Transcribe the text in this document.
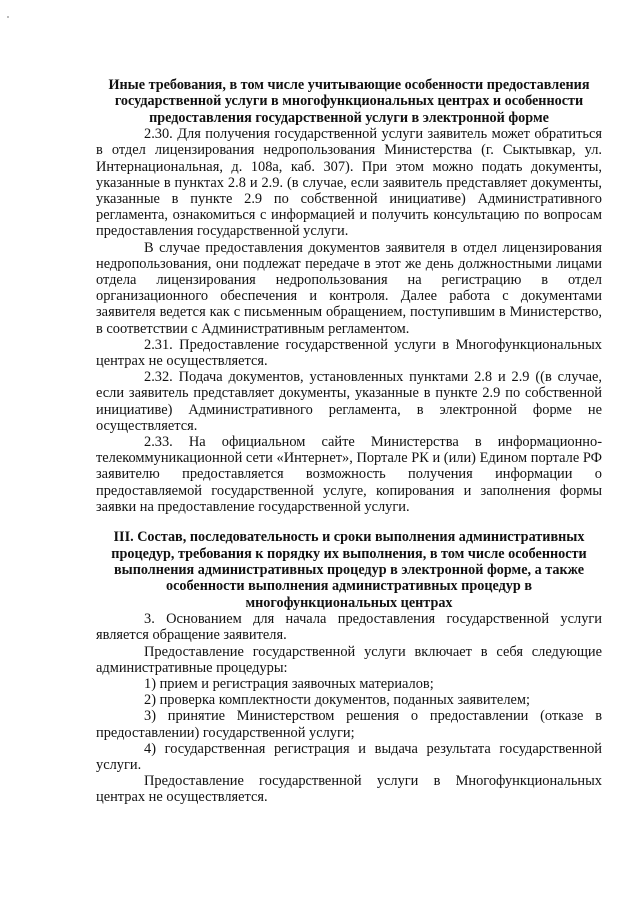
Иные требования, в том числе учитывающие особенности предоставления государственной услуги в многофункциональных центрах и особенности предоставления государственной услуги в электронной форме

2.30. Для получения государственной услуги заявитель может обратиться в отдел лицензирования недропользования Министерства (г. Сыктывкар, ул. Интернациональная, д. 108а, каб. 307). При этом можно подать документы, указанные в пунктах 2.8 и 2.9. (в случае, если заявитель представляет документы, указанные в пункте 2.9 по собственной инициативе) Административного регламента, ознакомиться с информацией и получить консультацию по вопросам предоставления государственной услуги.

В случае предоставления документов заявителя в отдел лицензирования недропользования, они подлежат передаче в этот же день должностными лицами отдела лицензирования недропользования на регистрацию в отдел организационного обеспечения и контроля. Далее работа с документами заявителя ведется как с письменным обращением, поступившим в Министерство, в соответствии с Административным регламентом.

2.31. Предоставление государственной услуги в Многофункциональных центрах не осуществляется.

2.32. Подача документов, установленных пунктами 2.8 и 2.9 ((в случае, если заявитель представляет документы, указанные в пункте 2.9 по собственной инициативе) Административного регламента, в электронной форме не осуществляется.

2.33. На официальном сайте Министерства в информационно-телекоммуникационной сети «Интернет», Портале РК и (или) Едином портале РФ заявителю предоставляется возможность получения информации о предоставляемой государственной услуге, копирования и заполнения формы заявки на предоставление государственной услуги.

III. Состав, последовательность и сроки выполнения административных процедур, требования к порядку их выполнения, в том числе особенности выполнения административных процедур в электронной форме, а также особенности выполнения административных процедур в многофункциональных центрах

3. Основанием для начала предоставления государственной услуги является обращение заявителя.

Предоставление государственной услуги включает в себя следующие административные процедуры:

1) прием и регистрация заявочных материалов;

2) проверка комплектности документов, поданных заявителем;

3) принятие Министерством решения о предоставлении (отказе в предоставлении) государственной услуги;

4) государственная регистрация и выдача результата государственной услуги.

Предоставление государственной услуги в Многофункциональных центрах не осуществляется.
